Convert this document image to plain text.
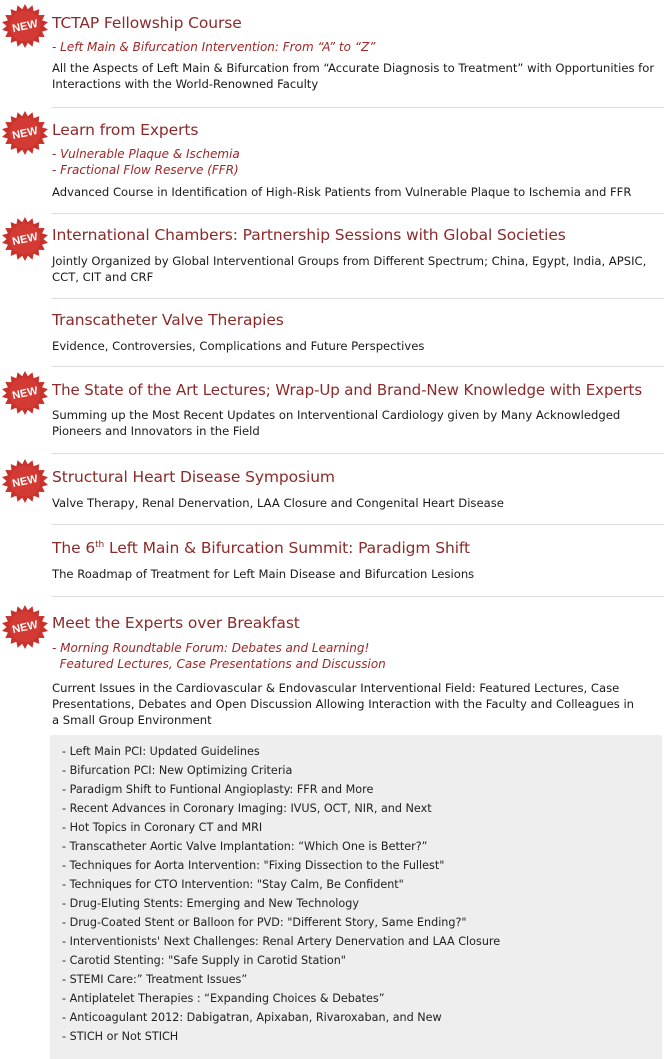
NEW TCTAP Fellowship Course
- Left Main & Bifurcation Intervention: From “A” to “Z”
All the Aspects of Left Main & Bifurcation from “Accurate Diagnosis to Treatment” with Opportunities for Interactions with the World-Renowned Faculty
NEW Learn from Experts
- Vulnerable Plaque & Ischemia
- Fractional Flow Reserve (FFR)
Advanced Course in Identification of High-Risk Patients from Vulnerable Plaque to Ischemia and FFR
NEW International Chambers: Partnership Sessions with Global Societies
Jointly Organized by Global Interventional Groups from Different Spectrum; China, Egypt, India, APSIC, CCT, CIT and CRF
Transcatheter Valve Therapies
Evidence, Controversies, Complications and Future Perspectives
NEW The State of the Art Lectures; Wrap-Up and Brand-New Knowledge with Experts
Summing up the Most Recent Updates on Interventional Cardiology given by Many Acknowledged Pioneers and Innovators in the Field
NEW Structural Heart Disease Symposium
Valve Therapy, Renal Denervation, LAA Closure and Congenital Heart Disease
The 6th Left Main & Bifurcation Summit: Paradigm Shift
The Roadmap of Treatment for Left Main Disease and Bifurcation Lesions
NEW Meet the Experts over Breakfast
- Morning Roundtable Forum: Debates and Learning!
Featured Lectures, Case Presentations and Discussion
Current Issues in the Cardiovascular & Endovascular Interventional Field: Featured Lectures, Case Presentations, Debates and Open Discussion Allowing Interaction with the Faculty and Colleagues in a Small Group Environment
- Left Main PCI: Updated Guidelines
- Bifurcation PCI: New Optimizing Criteria
- Paradigm Shift to Funtional Angioplasty: FFR and More
- Recent Advances in Coronary Imaging: IVUS, OCT, NIR, and Next
- Hot Topics in Coronary CT and MRI
- Transcatheter Aortic Valve Implantation: “Which One is Better?”
- Techniques for Aorta Intervention: "Fixing Dissection to the Fullest"
- Techniques for CTO Intervention: "Stay Calm, Be Confident"
- Drug-Eluting Stents: Emerging and New Technology
- Drug-Coated Stent or Balloon for PVD: "Different Story, Same Ending?"
- Interventionists' Next Challenges: Renal Artery Denervation and LAA Closure
- Carotid Stenting: "Safe Supply in Carotid Station"
- STEMI Care:” Treatment Issues”
- Antiplatelet Therapies : “Expanding Choices & Debates”
- Anticoagulant 2012: Dabigatran, Apixaban, Rivaroxaban, and New
- STICH or Not STICH
